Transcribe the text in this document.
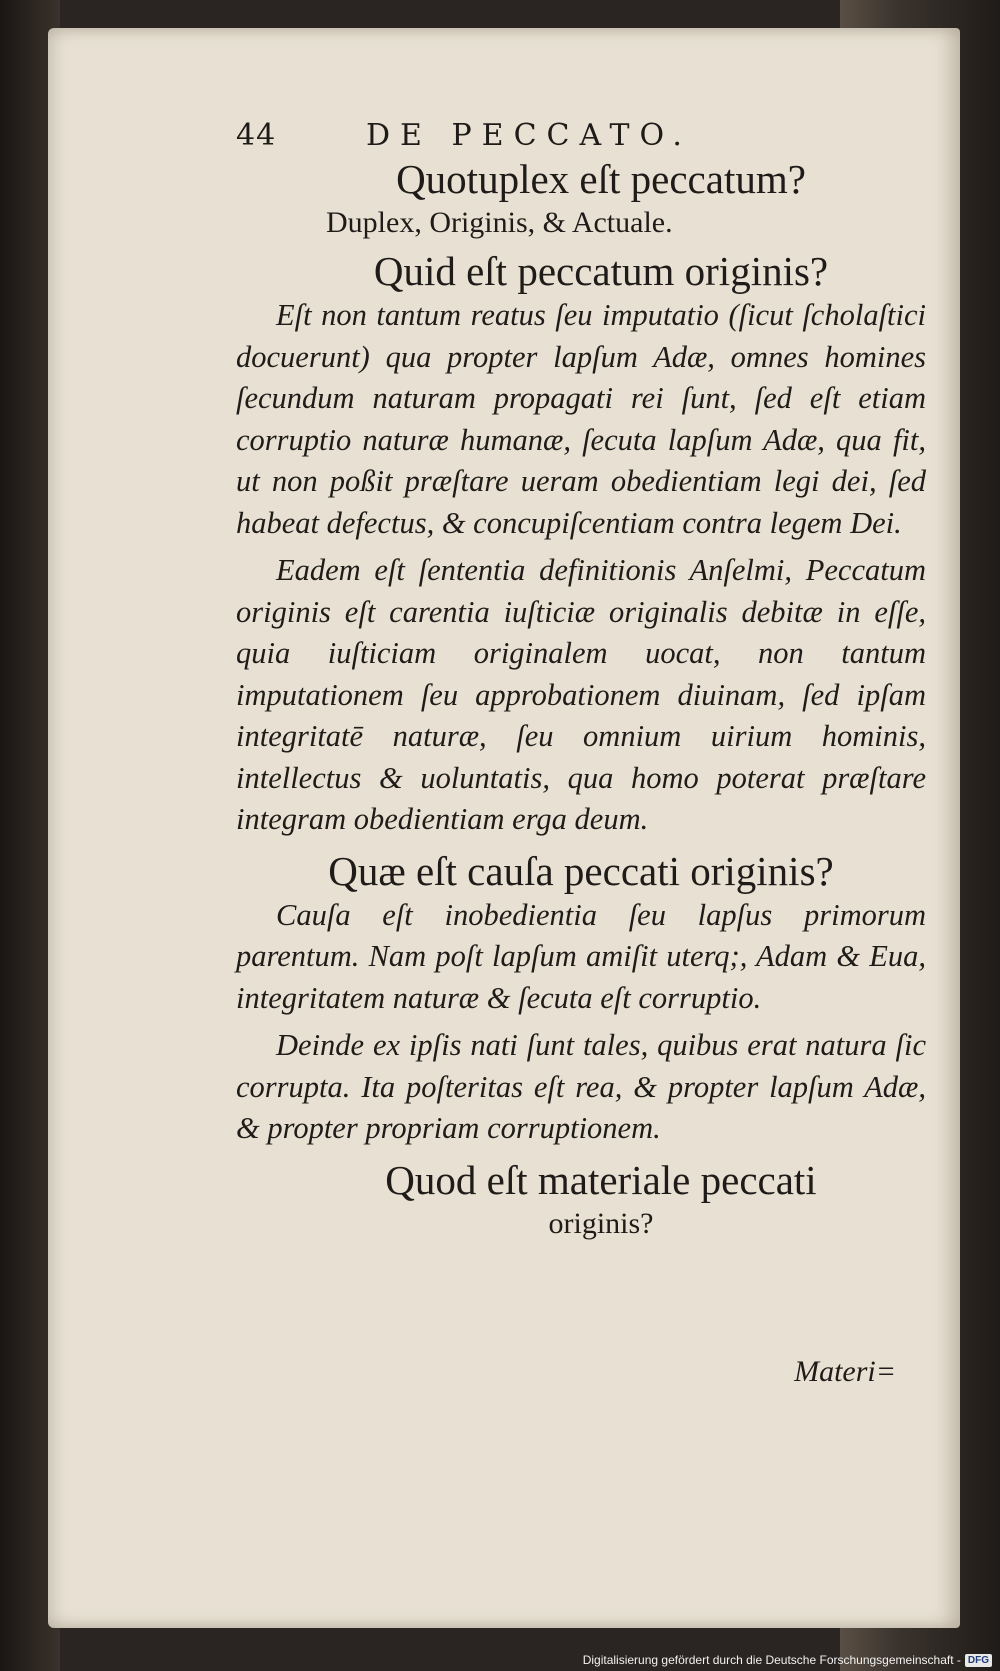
44	DE PECCATO.

Quotuplex eſt peccatum?

Duplex, Originis, & Actuale.

Quid eſt peccatum originis?

Eſt non tantum reatus ſeu imputatio (ſicut ſcholaſtici docuerunt) qua propter lapſum Adæ, omnes homines ſecundum naturam propagati rei ſunt, ſed eſt etiam corruptio naturæ humanæ, ſecuta lapſum Adæ, qua fit, ut non poßit præſtare ueram obedientiam legi dei, ſed habeat defectus, & concupiſcentiam contra legem Dei.

Eadem eſt ſententia definitionis Anſelmi, Peccatum originis eſt carentia iuſticiæ originalis debitæ in eſſe, quia iuſticiam originalem uocat, non tantum imputationem ſeu approbationem diuinam, ſed ipſam integritatē naturæ, ſeu omnium uirium hominis, intellectus & uoluntatis, qua homo poterat præſtare integram obedientiam erga deum.

Quæ eſt cauſa peccati originis?

Cauſa eſt inobedientia ſeu lapſus primorum parentum. Nam poſt lapſum amiſit uterq;, Adam & Eua, integritatem naturæ & ſecuta eſt corruptio.

Deinde ex ipſis nati ſunt tales, quibus erat natura ſic corrupta. Ita poſteritas eſt rea, & propter lapſum Adæ, & propter propriam corruptionem.

Quod eſt materiale peccati

originis?

Materi=
Digitalisierung gefördert durch die Deutsche Forschungsgemeinschaft - DFG
